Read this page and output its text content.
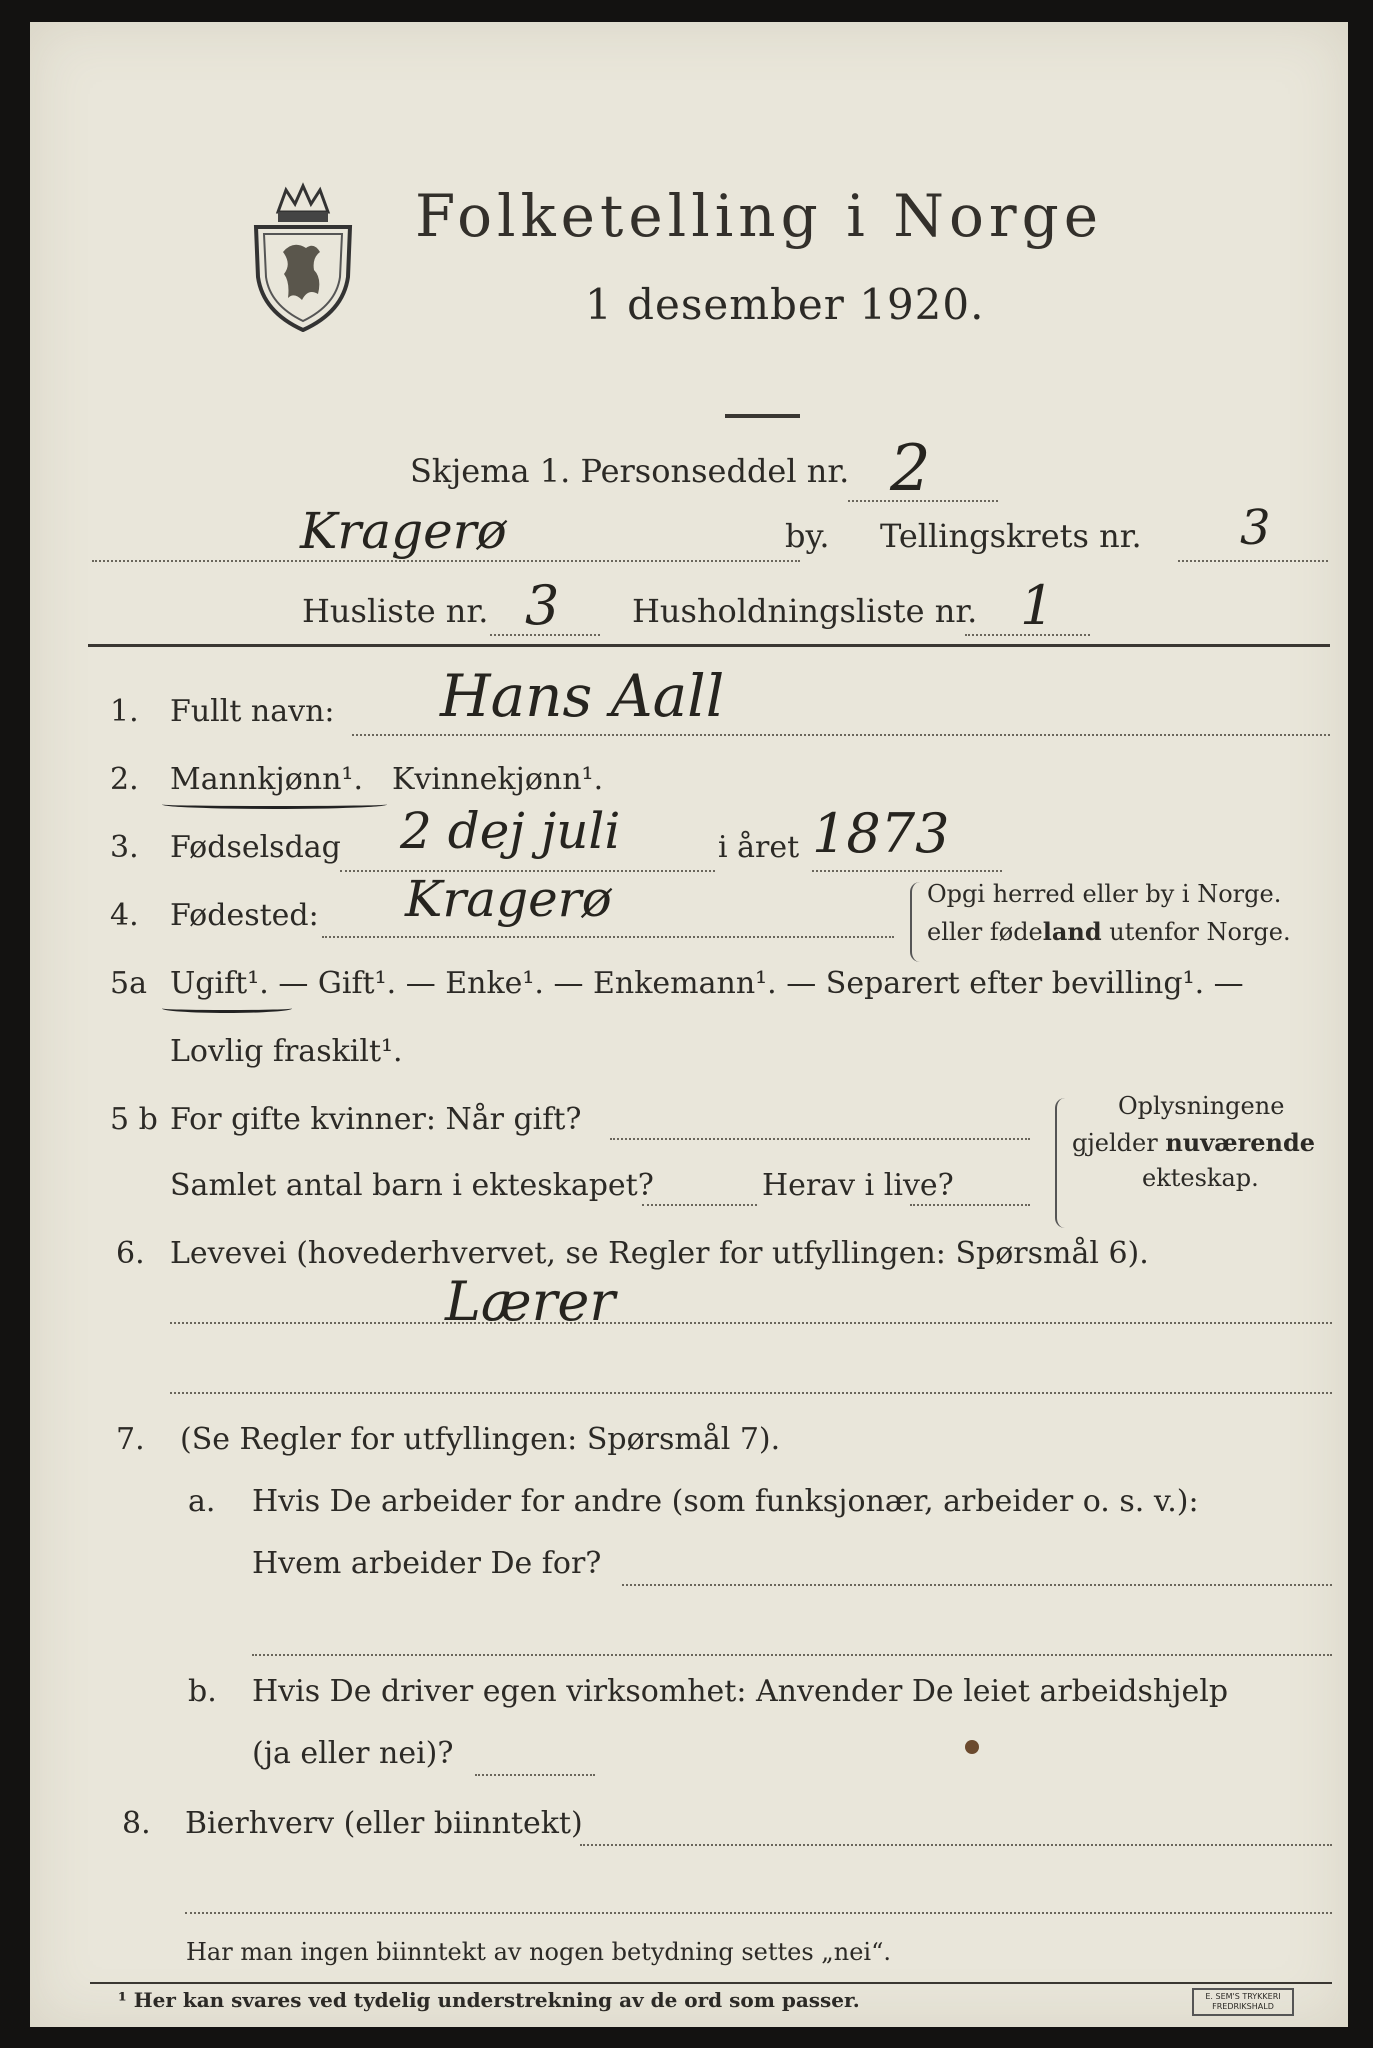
Folketelling i Norge
1 desember 1920.
Skjema 1. Personseddel nr. 2
Kragerø	by. Tellingskrets nr. 3
Husliste nr. 3 Husholdningsliste nr. 1
1. Fullt navn: Hans Aall
2. Mannkjønn¹. Kvinnekjønn¹.
3. Fødselsdag 2 dej juli	i året 1873
4. Fødested: Kragerø	Opgi herred eller by i Norge.
eller fødeland utenfor Norge.
5a Ugift¹. — Gift¹. — Enke¹. — Enkemann¹. — Separert efter bevilling¹. —
Lovlig fraskilt¹.
5 b For gifte kvinner: Når gift?
Samlet antal barn i ekteskapet?	Herav i live?
Oplysningene
gjelder nuværende
ekteskap.
6. Levevei (hovederhvervet, se Regler for utfyllingen: Spørsmål 6).
Lærer
7. (Se Regler for utfyllingen: Spørsmål 7).
a. Hvis De arbeider for andre (som funksjonær, arbeider o. s. v.):
Hvem arbeider De for?
b. Hvis De driver egen virksomhet: Anvender De leiet arbeidshjelp
(ja eller nei)?
8. Bierhverv (eller biinntekt)
Har man ingen biinntekt av nogen betydning settes „nei“.
¹ Her kan svares ved tydelig understrekning av de ord som passer.	E. SEM'S TRYKKERI
FREDRIKSHALD
